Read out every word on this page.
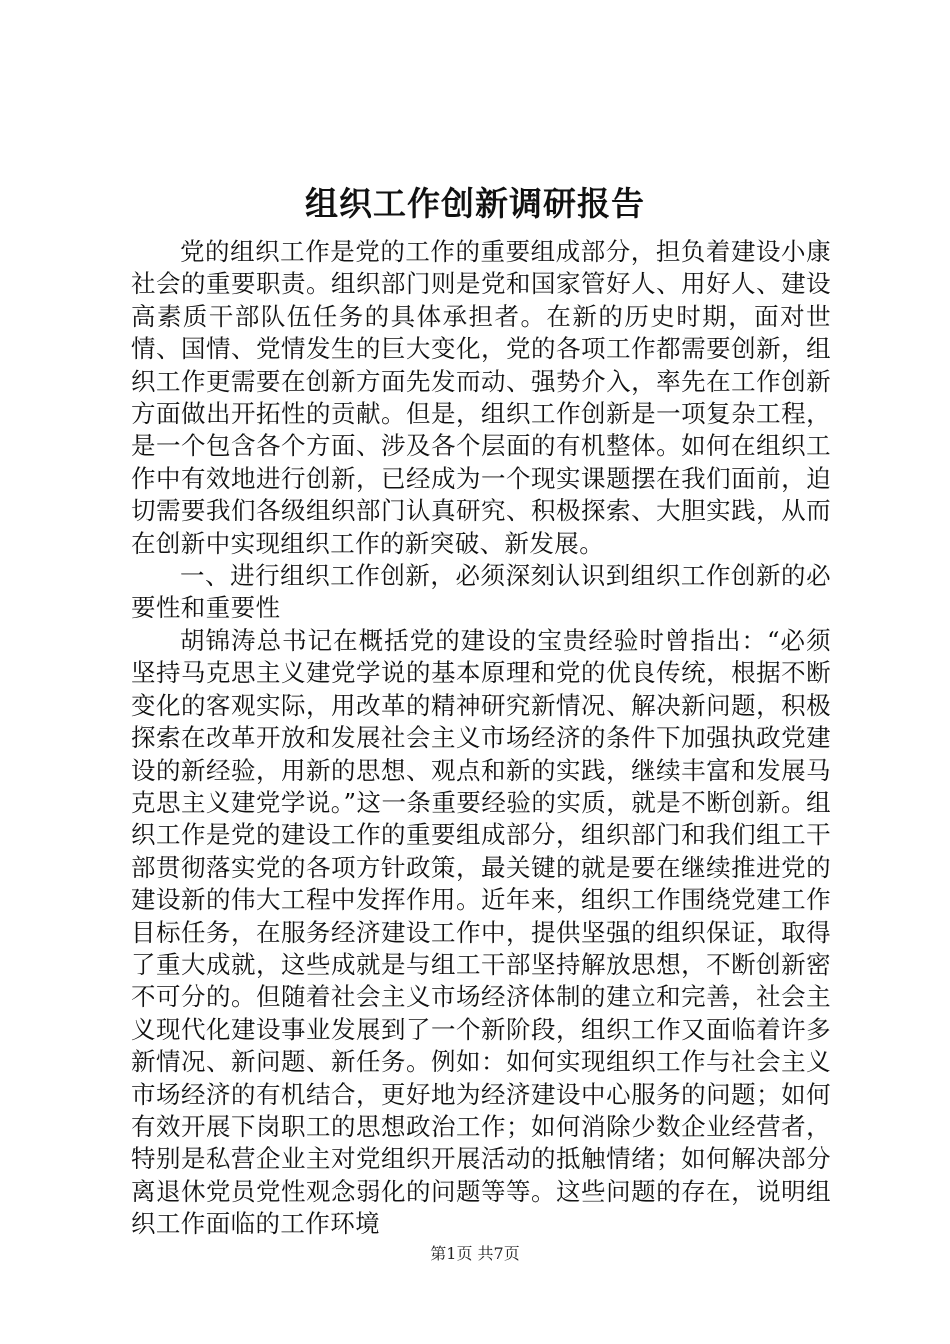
组织工作创新调研报告

党的组织工作是党的工作的重要组成部分，担负着建设小康社会的重要职责。组织部门则是党和国家管好人、用好人、建设高素质干部队伍任务的具体承担者。在新的历史时期，面对世情、国情、党情发生的巨大变化，党的各项工作都需要创新，组织工作更需要在创新方面先发而动、强势介入，率先在工作创新方面做出开拓性的贡献。但是，组织工作创新是一项复杂工程，是一个包含各个方面、涉及各个层面的有机整体。如何在组织工作中有效地进行创新，已经成为一个现实课题摆在我们面前，迫切需要我们各级组织部门认真研究、积极探索、大胆实践，从而在创新中实现组织工作的新突破、新发展。

一、进行组织工作创新，必须深刻认识到组织工作创新的必要性和重要性

胡锦涛总书记在概括党的建设的宝贵经验时曾指出：“必须坚持马克思主义建党学说的基本原理和党的优良传统，根据不断变化的客观实际，用改革的精神研究新情况、解决新问题，积极探索在改革开放和发展社会主义市场经济的条件下加强执政党建设的新经验，用新的思想、观点和新的实践，继续丰富和发展马克思主义建党学说。”这一条重要经验的实质，就是不断创新。组织工作是党的建设工作的重要组成部分，组织部门和我们组工干部贯彻落实党的各项方针政策，最关键的就是要在继续推进党的建设新的伟大工程中发挥作用。近年来，组织工作围绕党建工作目标任务，在服务经济建设工作中，提供坚强的组织保证，取得了重大成就，这些成就是与组工干部坚持解放思想，不断创新密不可分的。但随着社会主义市场经济体制的建立和完善，社会主义现代化建设事业发展到了一个新阶段，组织工作又面临着许多新情况、新问题、新任务。例如：如何实现组织工作与社会主义市场经济的有机结合，更好地为经济建设中心服务的问题；如何有效开展下岗职工的思想政治工作；如何消除少数企业经营者，特别是私营企业主对党组织开展活动的抵触情绪；如何解决部分离退休党员党性观念弱化的问题等等。这些问题的存在，说明组织工作面临的工作环境

第1页 共7页
